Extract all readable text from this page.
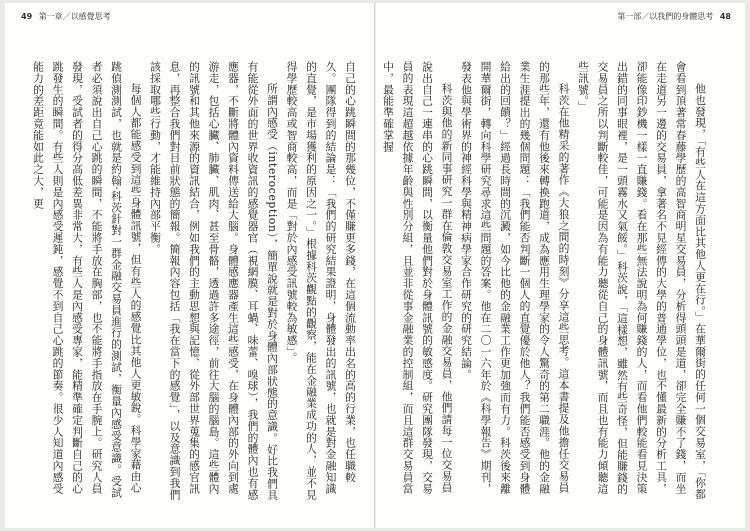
49 第一章／以感覺思考	第一部／以我們的身體思考 48

自己的心跳瞬間的那幾位，不僅賺更多錢，在這個流動率出名的高的行業，也任職較久。團隊得到的結論是：「我們的研究結果證明，身體發出的訊號，也就是對金融知識的直覺，是市場獲利的原因之一。」根據科茨觀點的觀察，能在金融業成功的人，並不見得學歷較高或智商較高，而是「對於內感受訊號較為敏感」。

所謂內感受（interoception），簡單說就是對於身體內部狀態的意識。好比我們具有能從外面的世界收資訊的感覺器官（視網膜、耳蝸、味蕾、嗅球），我們的體內也有感應器，不斷將體內資料傳送給大腦。身體感應器產生這些感受，在身體內部的外向到處游走，包括心臟、肺臟、肌肉、甚至骨骼，透過許多途徑，前往大腦的腦島。這些體內的訊號和其他來源的資訊結合，例如我們的主動思想與記憶、從外部世界蒐集的感官訊息，再整合我們對目前狀態的簡報。簡報內容包括「我在當下的感覺」，以及意識到我們該採取哪些行動，才能維持內部平衡。

每個人都能感受到這些身體訊號，但有些人的感覺比其他人更敏銳。科學家藉由心跳偵測測試，也就是約翰‧科茨針對一群金融交易員進行的測試，衡量內感受意識。受試者必須說出自己心跳的瞬間，不能將手放在胸部，也不能將手指放在手腕上。研究人員發現，受試者的得分高低差異非常大，有些人是內感受專家，能精準確定判斷自己的心跳發生的瞬間。有些人則是內感受遲鈍，感覺不到自己心跳的節奏。很少人知道內感受能力的差距竟能如此之大，更	他也發現，「有些人在這方面比其他人更在行。」在華爾街的任何一個交易室，「你都會看到頂著常春藤學歷的高智商明星交易員，分析得頭頭是道，卻完全賺不了錢，而坐在走道另一邊的交易員，拿著名不見經傳的大學的普通學位，也不懂最新的分析工具，卻能像印鈔機一樣一直賺錢。看在那些無法說明為何賺錢的人，而看他們較能看見決策出錯的同事眼裡，是一頭霧水又氣餒。」科茨說，「這樣想，雖然有些奇怪，但能賺錢的交易員之所以判斷較佳，可能是因為有能力聽從自己的身體訊號，而且也有能力傾聽這些訊號。」

科茨在他精采的著作《大狼之間的時刻》分享這些思考。這本書提及他擔任交易員的那些年，還有他後來轉換跑道，成為應用生理學家的令人驚奇的第二職涯。他的金融業生涯提出的幾個問題：「我們能否判斷一個人的直覺優於他人？我們能否感受到身體給出的回饋？」經過長時間的沉澱，如今比他的金融業工作更加強而有力。科茨後來離開華爾街，轉向科學研究尋求這些問題的答案。他在二〇一六年於《科學報告》期刊，發表他與學術界的神經科學與精神病學家合作研究的研究結論。

科茨與他的新同事研究一群在倫敦交易室工作的金融交易員，他們請每一位交易員說出自己一連串的心跳瞬間，以衡量他們對於身體訊號的敏感度。研究團隊發現，交易員的表現這超越依據年齡與性別分組，且並非從事金融業的控制組，而且這群交易員當中，最能準確掌握
